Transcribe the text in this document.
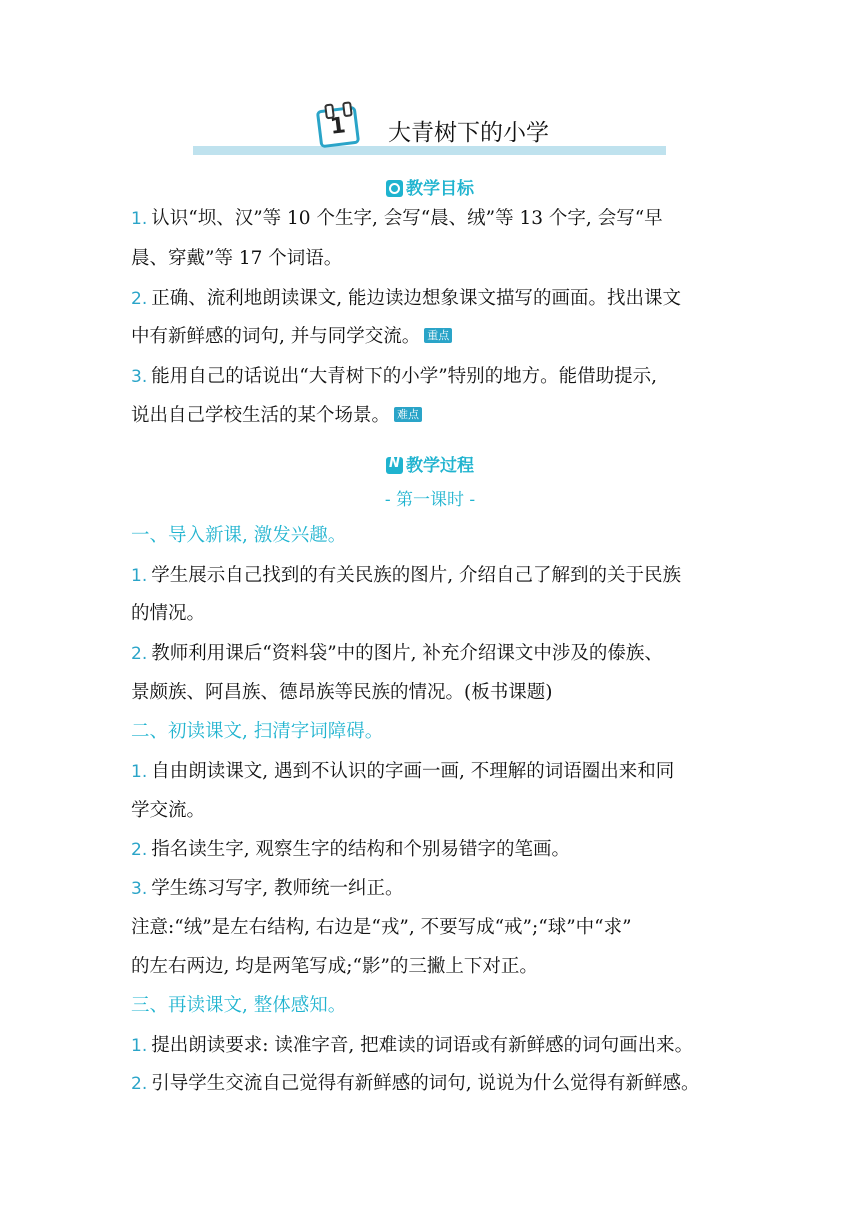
1	大青树下的小学
教学目标
1. 认识“坝、汉”等 10 个生字, 会写“晨、绒”等 13 个字, 会写“早
晨、穿戴”等 17 个词语。
2. 正确、流利地朗读课文, 能边读边想象课文描写的画面。找出课文
中有新鲜感的词句, 并与同学交流。 重点
3. 能用自己的话说出“大青树下的小学”特别的地方。能借助提示,
说出自己学校生活的某个场景。 难点
N教学过程
- 第一课时 -
一、导入新课, 激发兴趣。
1. 学生展示自己找到的有关民族的图片, 介绍自己了解到的关于民族
的情况。
2. 教师利用课后“资料袋”中的图片, 补充介绍课文中涉及的傣族、
景颇族、阿昌族、德昂族等民族的情况。(板书课题)
二、初读课文, 扫清字词障碍。
1. 自由朗读课文, 遇到不认识的字画一画, 不理解的词语圈出来和同
学交流。
2. 指名读生字, 观察生字的结构和个别易错字的笔画。
3. 学生练习写字, 教师统一纠正。
注意:“绒”是左右结构, 右边是“戎”, 不要写成“戒”;“球”中“求”
的左右两边, 均是两笔写成;“影”的三撇上下对正。
三、再读课文, 整体感知。
1. 提出朗读要求: 读准字音, 把难读的词语或有新鲜感的词句画出来。
2. 引导学生交流自己觉得有新鲜感的词句, 说说为什么觉得有新鲜感。
